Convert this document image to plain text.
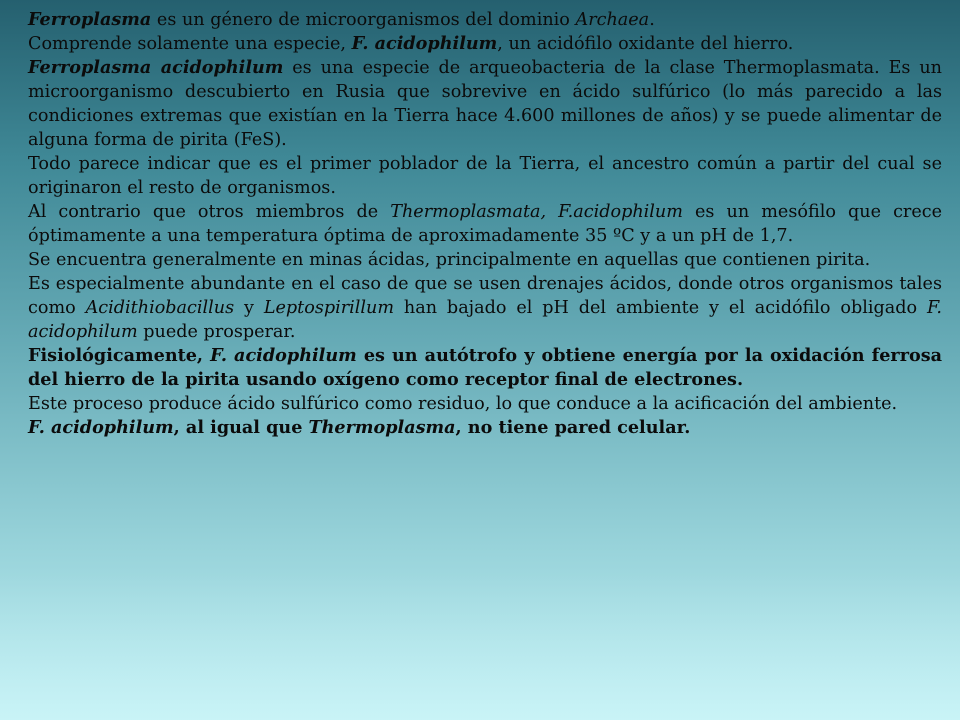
Ferroplasma es un género de microorganismos del dominio Archaea.

Comprende solamente una especie, F. acidophilum, un acidófilo oxidante del hierro.

Ferroplasma acidophilum es una especie de arqueobacteria de la clase Thermoplasmata. Es un microorganismo descubierto en Rusia que sobrevive en ácido sulfúrico (lo más parecido a las condiciones extremas que existían en la Tierra hace 4.600 millones de años) y se puede alimentar de alguna forma de pirita (FeS).

Todo parece indicar que es el primer poblador de la Tierra, el ancestro común a partir del cual se originaron el resto de organismos.

Al contrario que otros miembros de Thermoplasmata, F.acidophilum es un mesófilo que crece óptimamente a una temperatura óptima de aproximadamente 35 ºC y a un pH de 1,7.

Se encuentra generalmente en minas ácidas, principalmente en aquellas que contienen pirita.

Es especialmente abundante en el caso de que se usen drenajes ácidos, donde otros organismos tales como Acidithiobacillus y Leptospirillum han bajado el pH del ambiente y el acidófilo obligado F. acidophilum puede prosperar.

Fisiológicamente, F. acidophilum es un autótrofo y obtiene energía por la oxidación ferrosa del hierro de la pirita usando oxígeno como receptor final de electrones.

Este proceso produce ácido sulfúrico como residuo, lo que conduce a la acificación del ambiente.

F. acidophilum, al igual que Thermoplasma, no tiene pared celular.
